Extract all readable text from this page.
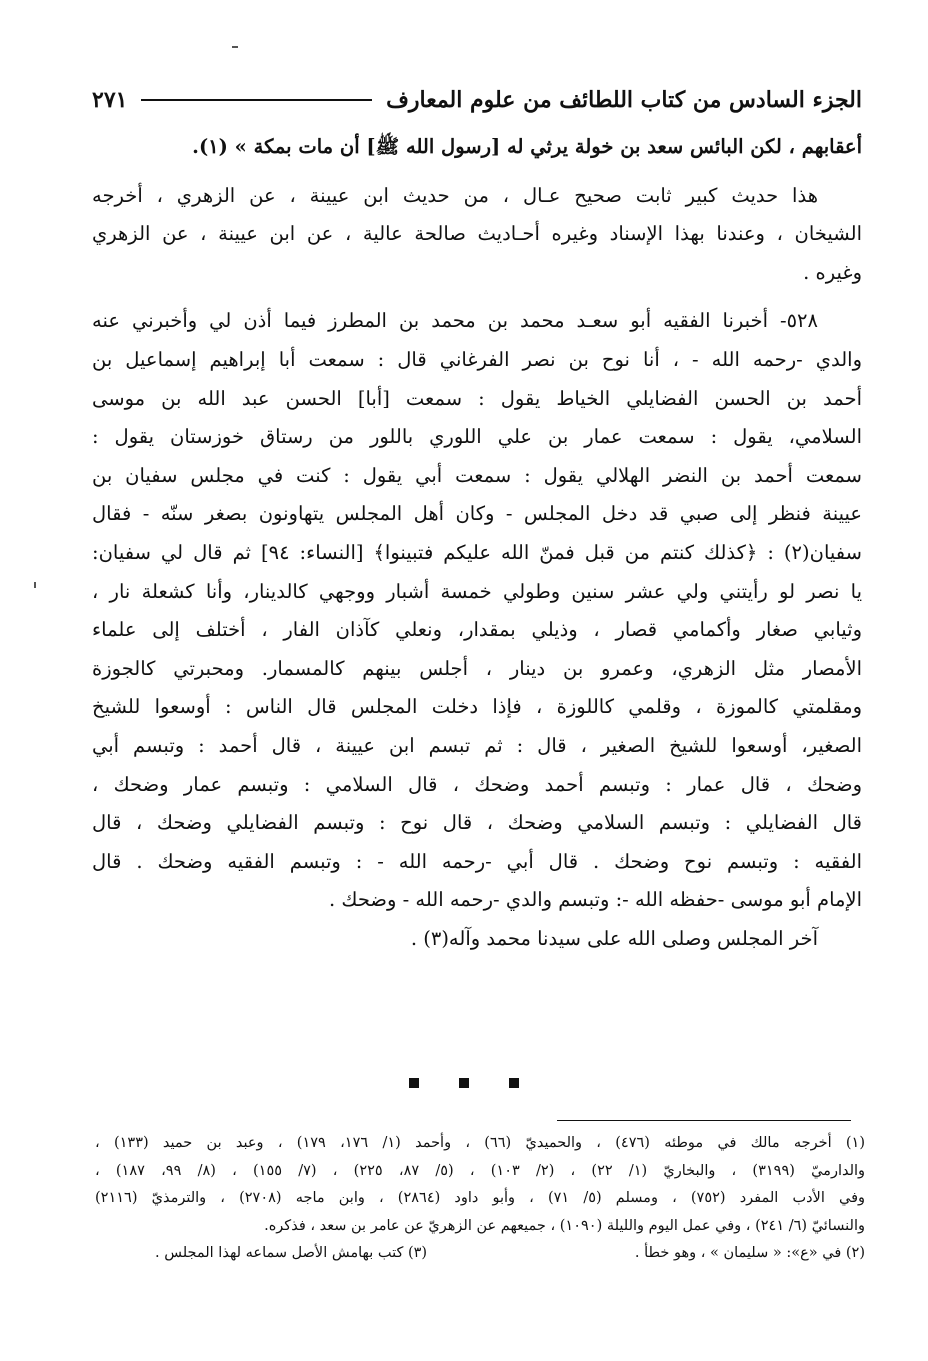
الجزء السادس من كتاب اللطائف من علوم المعارف
٢٧١
أعقابهم ، لكن البائس سعد بن خولة يرثي له [رسول الله ﷺ] أن مات بمكة » (١).
هذا حديث كبير ثابت صحيح عـال ، من حديث ابن عيينة ، عن الزهري ، أخرجه
الشيخان ، وعندنا بهذا الإسناد وغيره أحـاديث صالحة عالية ، عن ابن عيينة ، عن الزهري
وغيره .
٥٢٨- أخبرنا الفقيه أبو سعـد محمد بن محمد بن المطرز فيما أذن لي وأخبرني عنه
والدي -رحمه الله - ، أنا نوح بن نصر الفرغاني قال : سمعت أبا إبراهيم إسماعيل بن
أحمد بن الحسن الفضايلي الخياط يقول : سمعت [أبا] الحسن عبد الله بن موسى
السلامي، يقول : سمعت عمار بن علي اللوري باللور من رستاق خوزستان يقول :
سمعت أحمد بن النضر الهلالي يقول : سمعت أبي يقول : كنت في مجلس سفيان بن
عيينة فنظر إلى صبي قد دخل المجلس - وكان أهل المجلس يتهاونون بصغر سنّه - فقال
سفيان(٢) : ﴿كذلك كنتم من قبل فمنّ الله عليكم فتبينوا﴾ [النساء: ٩٤] ثم قال لي سفيان:
يا نصر لو رأيتني ولي عشر سنين وطولي خمسة أشبار ووجهي كالدينار، وأنا كشعلة نار ،
وثيابي صغار وأكمامي قصار ، وذيلي بمقدار، ونعلي كآذان الفار ، أختلف إلى علماء
الأمصار مثل الزهري، وعمرو بن دينار ، أجلس بينهم كالمسمار. ومحبرتي كالجوزة
ومقلمتي كالموزة ، وقلمي كاللوزة ، فإذا دخلت المجلس قال الناس : أوسعوا للشيخ
الصغير، أوسعوا للشيخ الصغير ، قال : ثم تبسم ابن عيينة ، قال أحمد : وتبسم أبي
وضحك ، قال عمار : وتبسم أحمد وضحك ، قال السلامي : وتبسم عمار وضحك ،
قال الفضايلي : وتبسم السلامي وضحك ، قال نوح : وتبسم الفضايلي وضحك ، قال
الفقيه : وتبسم نوح وضحك . قال أبي -رحمه الله - : وتبسم الفقيه وضحك . قال
الإمام أبو موسى -حفظه الله -: وتبسم والدي -رحمه الله - وضحك .
آخر المجلس وصلى الله على سيدنا محمد وآله(٣) .
(١) أخرجه مالك في موطئه (٤٧٦) ، والحميديّ (٦٦) ، وأحمد (١/ ١٧٦، ١٧٩) ، وعبد بن حميد (١٣٣) ،
والدارميّ (٣١٩٩) ، والبخاريّ (١/ ٢٢) ، (٢/ ١٠٣) ، (٥/ ٨٧، ٢٢٥) ، (٧/ ١٥٥) ، (٨/ ٩٩، ١٨٧) ،
وفي الأدب المفرد (٧٥٢) ، ومسلم (٥/ ٧١) ، وأبو داود (٢٨٦٤) ، وابن ماجه (٢٧٠٨) ، والترمذيّ (٢١١٦)
والنسائيّ (٦/ ٢٤١) ، وفي عمل اليوم والليلة (١٠٩٠) ، جميعهم عن الزهريّ عن عامر بن سعد ، فذكره.
(٢) في «ع»: « سليمان » ، وهو خطأ .
(٣) كتب بهامش الأصل سماعه لهذا المجلس .
